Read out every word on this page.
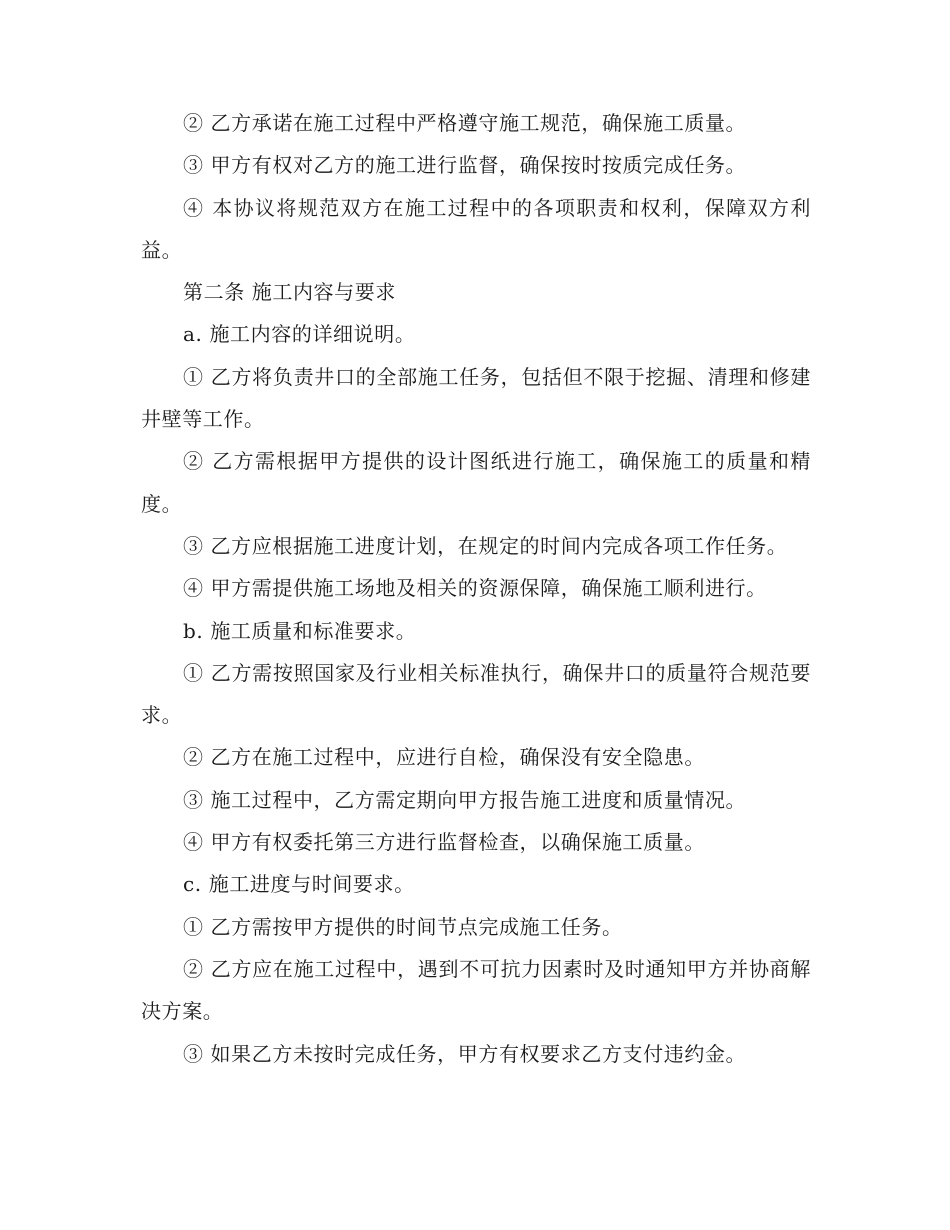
② 乙方承诺在施工过程中严格遵守施工规范，确保施工质量。

③ 甲方有权对乙方的施工进行监督，确保按时按质完成任务。

④ 本协议将规范双方在施工过程中的各项职责和权利，保障双方利益。

第二条 施工内容与要求

a. 施工内容的详细说明。

① 乙方将负责井口的全部施工任务，包括但不限于挖掘、清理和修建井壁等工作。

② 乙方需根据甲方提供的设计图纸进行施工，确保施工的质量和精度。

③ 乙方应根据施工进度计划，在规定的时间内完成各项工作任务。

④ 甲方需提供施工场地及相关的资源保障，确保施工顺利进行。

b. 施工质量和标准要求。

① 乙方需按照国家及行业相关标准执行，确保井口的质量符合规范要求。

② 乙方在施工过程中，应进行自检，确保没有安全隐患。

③ 施工过程中，乙方需定期向甲方报告施工进度和质量情况。

④ 甲方有权委托第三方进行监督检查，以确保施工质量。

c. 施工进度与时间要求。

① 乙方需按甲方提供的时间节点完成施工任务。

② 乙方应在施工过程中，遇到不可抗力因素时及时通知甲方并协商解决方案。

③ 如果乙方未按时完成任务，甲方有权要求乙方支付违约金。
